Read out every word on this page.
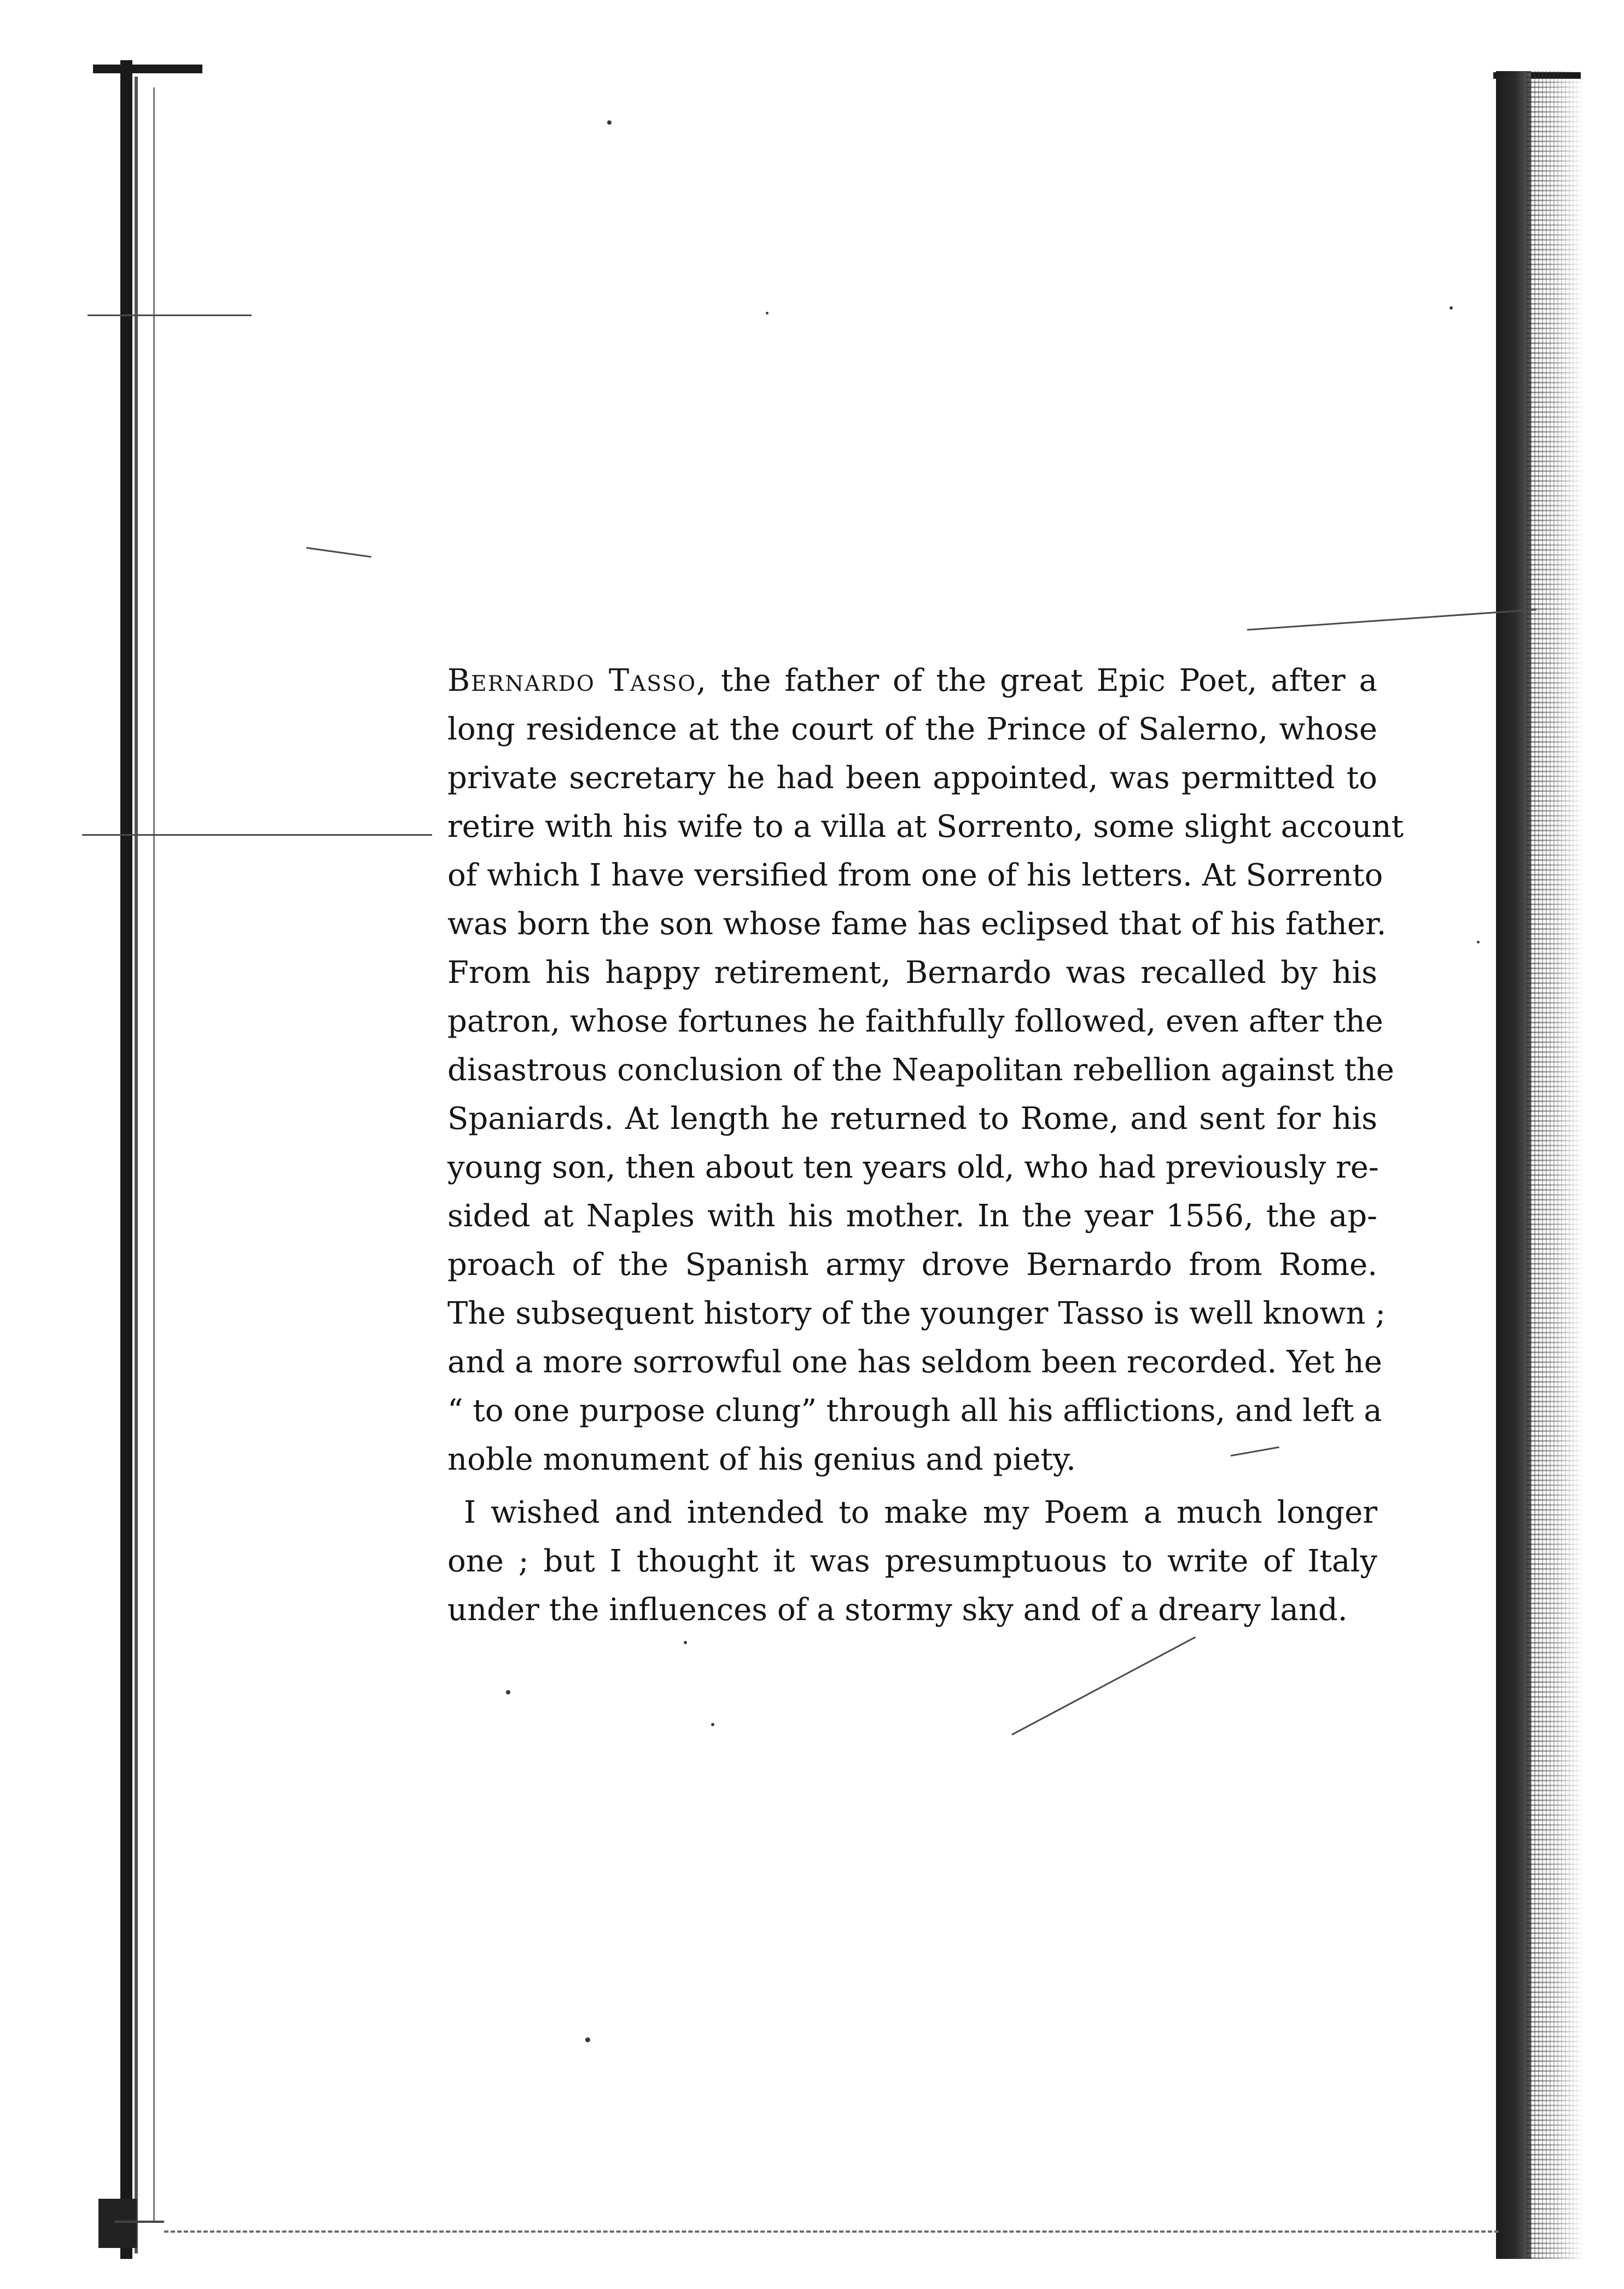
Bernardo Tasso, the father of the great Epic Poet, after a
long residence at the court of the Prince of Salerno, whose
private secretary he had been appointed, was permitted to
retire with his wife to a villa at Sorrento, some slight account
of which I have versified from one of his letters. At Sorrento
was born the son whose fame has eclipsed that of his father.
From his happy retirement, Bernardo was recalled by his
patron, whose fortunes he faithfully followed, even after the
disastrous conclusion of the Neapolitan rebellion against the
Spaniards. At length he returned to Rome, and sent for his
young son, then about ten years old, who had previously re-
sided at Naples with his mother. In the year 1556, the ap-
proach of the Spanish army drove Bernardo from Rome.
The subsequent history of the younger Tasso is well known ;
and a more sorrowful one has seldom been recorded. Yet he
“ to one purpose clung” through all his afflictions, and left a
noble monument of his genius and piety.

I wished and intended to make my Poem a much longer
one ; but I thought it was presumptuous to write of Italy
under the influences of a stormy sky and of a dreary land.
